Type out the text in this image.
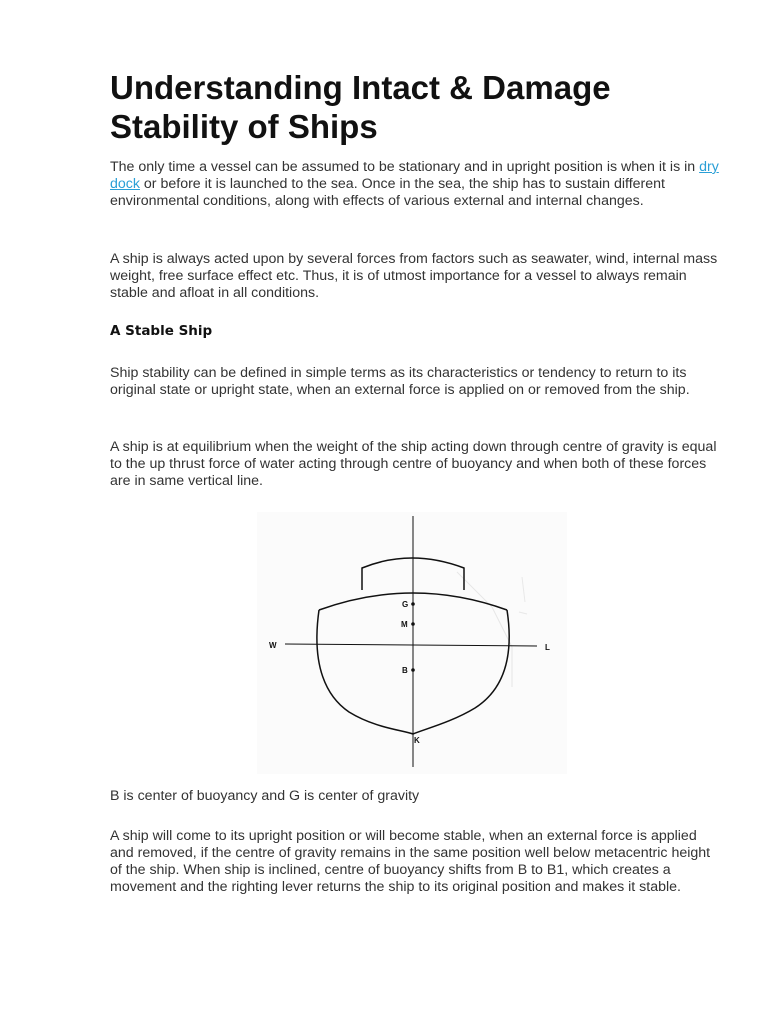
Understanding Intact & Damage Stability of Ships

The only time a vessel can be assumed to be stationary and in upright position is when it is in dry dock or before it is launched to the sea. Once in the sea, the ship has to sustain different environmental conditions, along with effects of various external and internal changes.

A ship is always acted upon by several forces from factors such as seawater, wind, internal mass weight, free surface effect etc. Thus, it is of utmost importance for a vessel to always remain stable and afloat in all conditions.

A Stable Ship

Ship stability can be defined in simple terms as its characteristics or tendency to return to its original state or upright state, when an external force is applied on or removed from the ship.

A ship is at equilibrium when the weight of the ship acting down through centre of gravity is equal to the up thrust force of water acting through centre of buoyancy and when both of these forces are in same vertical line.

B is center of buoyancy and G is center of gravity

A ship will come to its upright position or will become stable, when an external force is applied and removed, if the centre of gravity remains in the same position well below metacentric height of the ship. When ship is inclined, centre of buoyancy shifts from B to B1, which creates a movement and the righting lever returns the ship to its original position and makes it stable.

G
M
B
W	L
K
